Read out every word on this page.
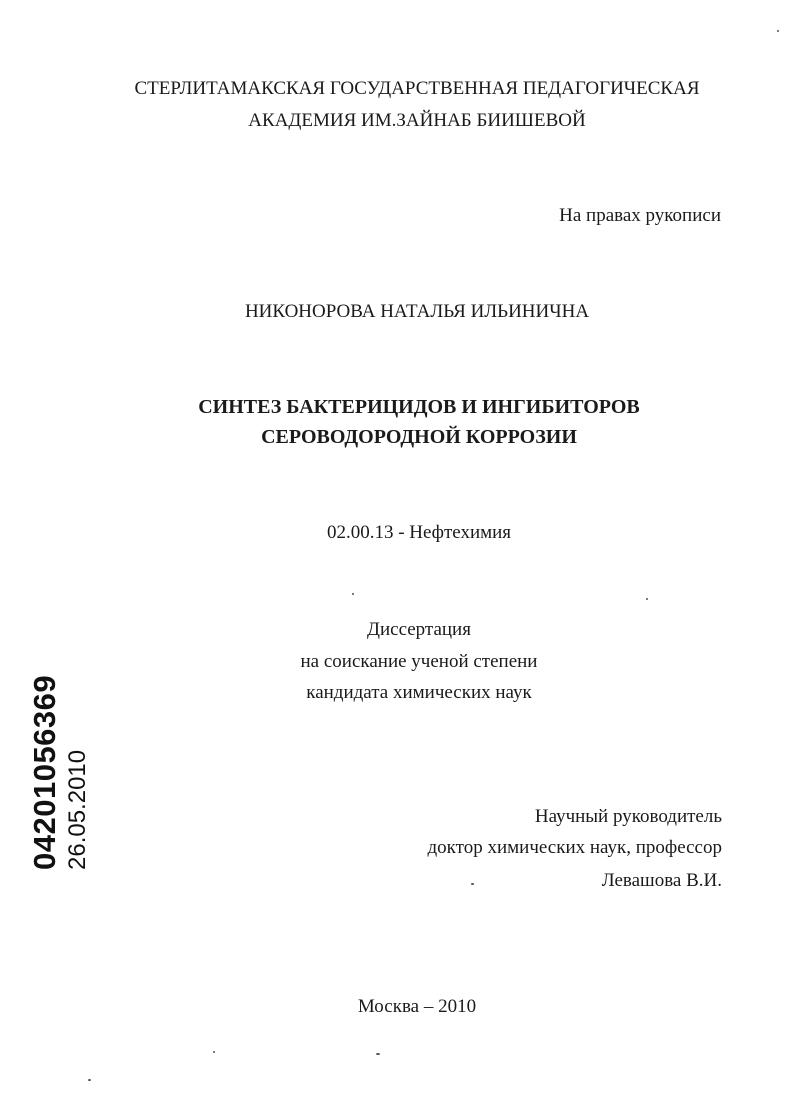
СТЕРЛИТАМАКСКАЯ ГОСУДАРСТВЕННАЯ ПЕДАГОГИЧЕСКАЯ
АКАДЕМИЯ ИМ.ЗАЙНАБ БИИШЕВОЙ
На правах рукописи
НИКОНОРОВА НАТАЛЬЯ ИЛЬИНИЧНА
СИНТЕЗ БАКТЕРИЦИДОВ И ИНГИБИТОРОВ
СЕРОВОДОРОДНОЙ КОРРОЗИИ
02.00.13 - Нефтехимия
Диссертация
на соискание ученой степени
кандидата химических наук
Научный руководитель
доктор химических наук, профессор
Левашова В.И.
Москва – 2010
04201056369 26.05.2010
